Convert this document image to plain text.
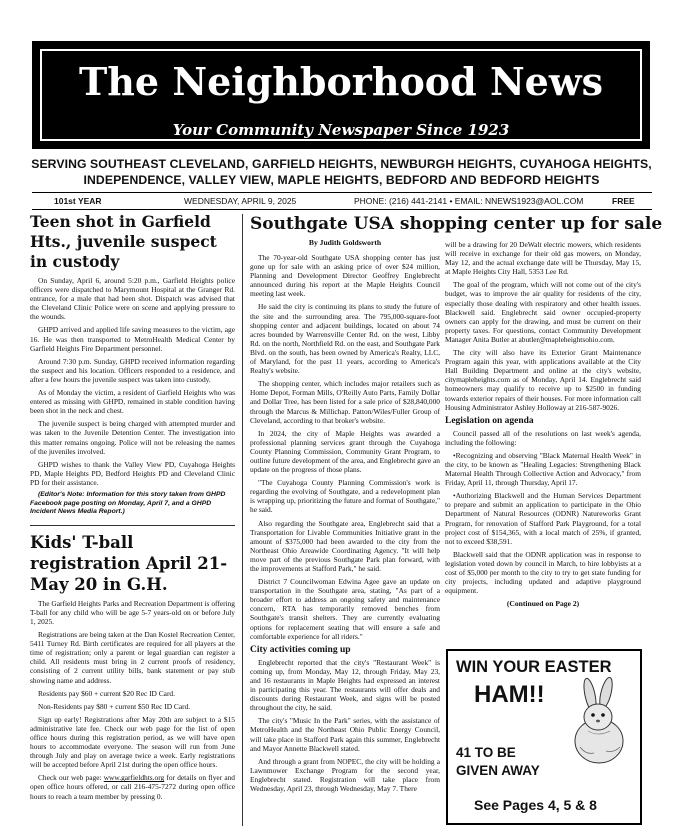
The Neighborhood News
Your Community Newspaper Since 1923
SERVING SOUTHEAST CLEVELAND, GARFIELD HEIGHTS, NEWBURGH HEIGHTS, CUYAHOGA HEIGHTS,
INDEPENDENCE, VALLEY VIEW, MAPLE HEIGHTS, BEDFORD AND BEDFORD HEIGHTS
101st YEAR	WEDNESDAY, APRIL 9, 2025	PHONE: (216) 441-2141 • EMAIL: NNEWS1923@AOL.COM	FREE
Teen shot in Garfield Hts., juvenile suspect in custody

On Sunday, April 6, around 5:20 p.m., Garfield Heights police officers were dispatched to Marymount Hospital at the Granger Rd. entrance, for a male that had been shot. Dispatch was advised that the Cleveland Clinic Police were on scene and applying pressure to the wounds.

GHPD arrived and applied life saving measures to the victim, age 16. He was then transported to MetroHealth Medical Center by Garfield Heights Fire Department personnel.

Around 7:30 p.m. Sunday, GHPD received information regarding the suspect and his location. Officers responded to a residence, and after a few hours the juvenile suspect was taken into custody.

As of Monday the victim, a resident of Garfield Heights who was entered as missing with GHPD, remained in stable condition having been shot in the neck and chest.

The juvenile suspect is being charged with attempted murder and was taken to the Juvenile Detention Center. The investigation into this matter remains ongoing. Police will not be releasing the names of the juveniles involved.

GHPD wishes to thank the Valley View PD, Cuyahoga Heights PD, Maple Heights PD, Bedford Heights PD and Cleveland Clinic PD for their assistance.

(Editor's Note: Information for this story taken from GHPD Facebook page posting on Monday, April 7, and a GHPD Incident News Media Report.)

Kids' T-ball registration April 21-May 20 in G.H.

The Garfield Heights Parks and Recreation Department is offering T-ball for any child who will be age 5-7 years-old on or before July 1, 2025.

Registrations are being taken at the Dan Kostel Recreation Center, 5411 Turney Rd. Birth certificates are required for all players at the time of registration; only a parent or legal guardian can register a child. All residents must bring in 2 current proofs of residency, consisting of 2 current utility bills, bank statement or pay stub showing name and address.

Residents pay $60 + current $20 Rec ID Card.

Non-Residents pay $80 + current $50 Rec ID Card.

Sign up early! Registrations after May 20th are subject to a $15 administrative late fee. Check our web page for the list of open office hours during this registration period, as we will have open hours to accommodate everyone. The season will run from June through July and play on average twice a week. Early registrations will be accepted before April 21st during the open office hours.

Check our web page: www.garfieldhts.org for details on flyer and open office hours offered, or call 216-475-7272 during open office hours to reach a team member by pressing 0.

Southgate USA shopping center up for sale
By Judith Goldsworth

The 70-year-old Southgate USA shopping center has just gone up for sale with an asking price of over $24 million, Planning and Development Director Geoffrey Englebrecht announced during his report at the Maple Heights Council meeting last week.

He said the city is continuing its plans to study the future of the site and the surrounding area. The 795,000-square-foot shopping center and adjacent buildings, located on about 74 acres bounded by Warrensville Center Rd. on the west, Libby Rd. on the north, Northfield Rd. on the east, and Southgate Park Blvd. on the south, has been owned by America's Realty, LLC, of Maryland, for the past 11 years, according to America's Realty's website.

The shopping center, which includes major retailers such as Home Depot, Forman Mills, O'Reilly Auto Parts, Family Dollar and Dollar Tree, has been listed for a sale price of $28,840,000 through the Marcus & Millichap. Patton/Wiles/Fuller Group of Cleveland, according to that broker's website.

In 2024, the city of Maple Heights was awarded a professional planning services grant through the Cuyahoga County Planning Commission, Community Grant Program, to outline future development of the area, and Englebrecht gave an update on the progress of those plans.

"The Cuyahoga County Planning Commission's work is regarding the evolving of Southgate, and a redevelopment plan is wrapping up, prioritizing the future and format of Southgate," he said.

Also regarding the Southgate area, Englebrecht said that a Transportation for Livable Communities Initiative grant in the amount of $375,000 had been awarded to the city from the Northeast Ohio Areawide Coordinating Agency. "It will help move part of the previous Southgate Park plan forward, with the improvements at Stafford Park," he said.

District 7 Councilwoman Edwina Agee gave an update on transportation in the Southgate area, stating, "As part of a broader effort to address an ongoing safety and maintenance concern, RTA has temporarily removed benches from Southgate's transit shelters. They are currently evaluating options for replacement seating that will ensure a safe and comfortable experience for all riders."

City activities coming up

Englebrecht reported that the city's "Restaurant Week" is coming up, from Monday, May 12, through Friday, May 23, and 16 restaurants in Maple Heights had expressed an interest in participating this year. The restaurants will offer deals and discounts during Restaurant Week, and signs will be posted throughout the city, he said.

The city's "Music In the Park" series, with the assistance of MetroHealth and the Northeast Ohio Public Energy Council, will take place in Stafford Park again this summer, Englebrecht and Mayor Annette Blackwell stated.

And through a grant from NOPEC, the city will be holding a Lawnmower Exchange Program for the second year, Englebrecht stated. Registration will take place from Wednesday, April 23, through Wednesday, May 7. There

will be a drawing for 20 DeWalt electric mowers, which residents will receive in exchange for their old gas mowers, on Monday, May 12, and the actual exchange date will be Thursday, May 15, at Maple Heights City Hall, 5353 Lee Rd.

The goal of the program, which will not come out of the city's budget, was to improve the air quality for residents of the city, especially those dealing with respiratory and other health issues. Blackwell said. Englebrecht said owner occupied-property owners can apply for the drawing, and must be current on their property taxes. For questions, contact Community Development Manager Anita Butler at abutler@mapleheightsohio.com.

The city will also have its Exterior Grant Maintenance Program again this year, with applications available at the City Hall Building Department and online at the city's website, citymapleheights.com as of Monday, April 14. Englebrecht said homeowners may qualify to receive up to $2500 in funding towards exterior repairs of their houses. For more information call Housing Administrator Ashley Holloway at 216-587-9026.

Legislation on agenda

Council passed all of the resolutions on last week's agenda, including the following:

•Recognizing and observing "Black Maternal Health Week" in the city, to be known as "Healing Legacies: Strengthening Black Maternal Health Through Collective Action and Advocacy," from Friday, April 11, through Thursday, April 17.

•Authorizing Blackwell and the Human Services Department to prepare and submit an application to participate in the Ohio Department of Natural Resources (ODNR) Natureworks Grant Program, for renovation of Stafford Park Playground, for a total project cost of $154,365, with a local match of 25%, if granted, not to exceed $38,591.

Blackwell said that the ODNR application was in response to legislation voted down by council in March, to hire lobbyists at a cost of $5,000 per month to the city to try to get state funding for city projects, including updated and adaptive playground equipment.

(Continued on Page 2)
WIN YOUR EASTER
HAM!!
41 TO BE
GIVEN AWAY
See Pages 4, 5 & 8
